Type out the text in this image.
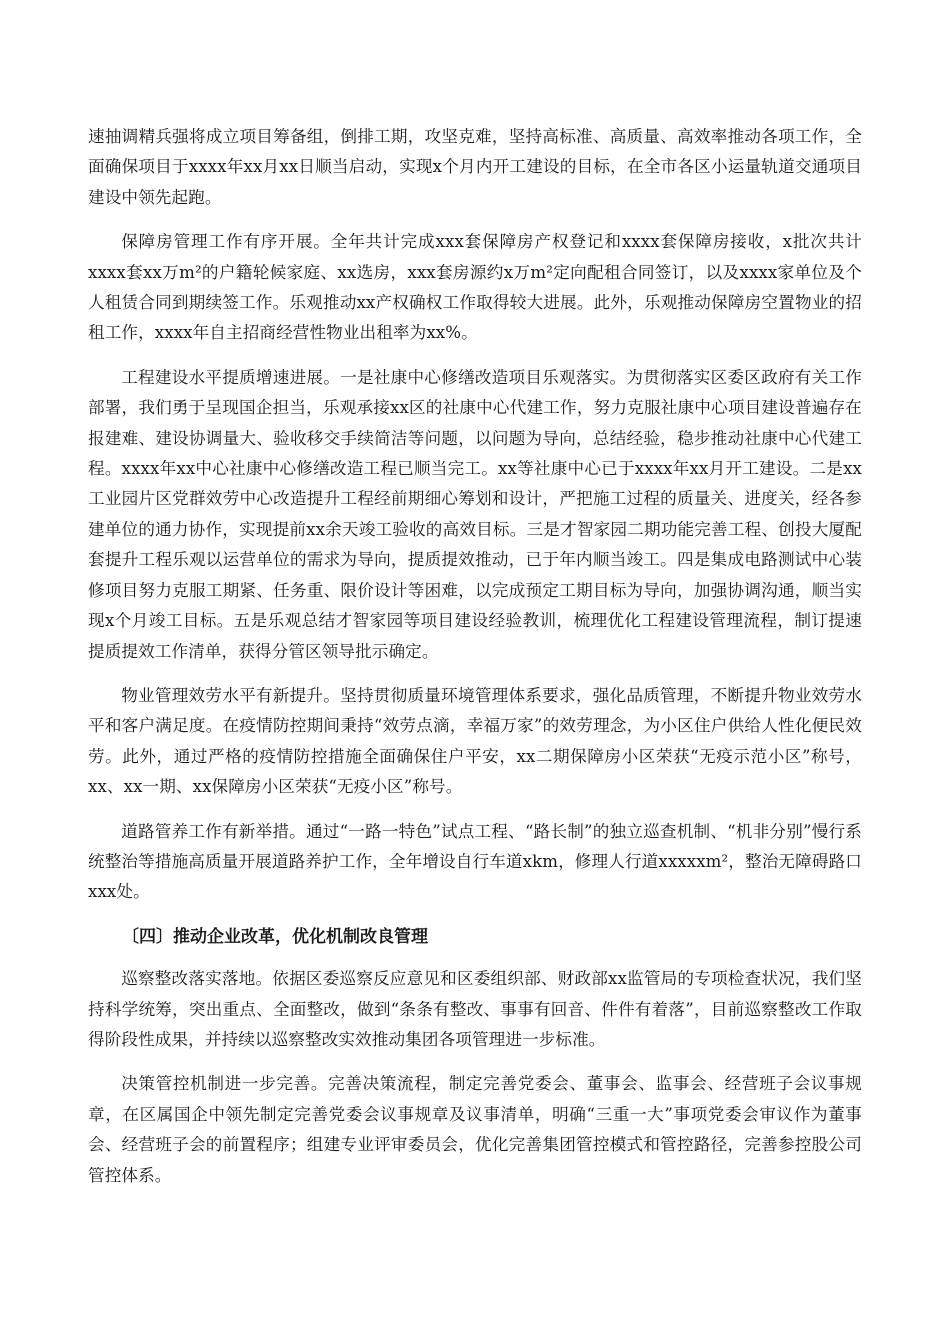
速抽调精兵强将成立项目筹备组，倒排工期，攻坚克难，坚持高标准、高质量、高效率推动各项工作，全面确保项目于xxxx年xx月xx日顺当启动，实现x个月内开工建设的目标，在全市各区小运量轨道交通项目建设中领先起跑。

保障房管理工作有序开展。全年共计完成xxx套保障房产权登记和xxxx套保障房接收，x批次共计xxxx套xx万m²的户籍轮候家庭、xx选房，xxx套房源约x万m²定向配租合同签订，以及xxxx家单位及个人租赁合同到期续签工作。乐观推动xx产权确权工作取得较大进展。此外，乐观推动保障房空置物业的招租工作，xxxx年自主招商经营性物业出租率为xx%。

工程建设水平提质增速进展。一是社康中心修缮改造项目乐观落实。为贯彻落实区委区政府有关工作部署，我们勇于呈现国企担当，乐观承接xx区的社康中心代建工作，努力克服社康中心项目建设普遍存在报建难、建设协调量大、验收移交手续简洁等问题，以问题为导向，总结经验，稳步推动社康中心代建工程。xxxx年xx中心社康中心修缮改造工程已顺当完工。xx等社康中心已于xxxx年xx月开工建设。二是xx工业园片区党群效劳中心改造提升工程经前期细心筹划和设计，严把施工过程的质量关、进度关，经各参建单位的通力协作，实现提前xx余天竣工验收的高效目标。三是才智家园二期功能完善工程、创投大厦配套提升工程乐观以运营单位的需求为导向，提质提效推动，已于年内顺当竣工。四是集成电路测试中心装修项目努力克服工期紧、任务重、限价设计等困难，以完成预定工期目标为导向，加强协调沟通，顺当实现x个月竣工目标。五是乐观总结才智家园等项目建设经验教训，梳理优化工程建设管理流程，制订提速提质提效工作清单，获得分管区领导批示确定。

物业管理效劳水平有新提升。坚持贯彻质量环境管理体系要求，强化品质管理，不断提升物业效劳水平和客户满足度。在疫情防控期间秉持“效劳点滴，幸福万家”的效劳理念，为小区住户供给人性化便民效劳。此外，通过严格的疫情防控措施全面确保住户平安，xx二期保障房小区荣获“无疫示范小区”称号，xx、xx一期、xx保障房小区荣获“无疫小区”称号。

道路管养工作有新举措。通过“一路一特色”试点工程、“路长制”的独立巡查机制、“机非分别”慢行系统整治等措施高质量开展道路养护工作，全年增设自行车道xkm，修理人行道xxxxxm²，整治无障碍路口xxx处。

〔四〕推动企业改革，优化机制改良管理

巡察整改落实落地。依据区委巡察反应意见和区委组织部、财政部xx监管局的专项检查状况，我们坚持科学统筹，突出重点、全面整改，做到“条条有整改、事事有回音、件件有着落”，目前巡察整改工作取得阶段性成果，并持续以巡察整改实效推动集团各项管理进一步标准。

决策管控机制进一步完善。完善决策流程，制定完善党委会、董事会、监事会、经营班子会议事规章，在区属国企中领先制定完善党委会议事规章及议事清单，明确“三重一大”事项党委会审议作为董事会、经营班子会的前置程序；组建专业评审委员会，优化完善集团管控模式和管控路径，完善参控股公司管控体系。
